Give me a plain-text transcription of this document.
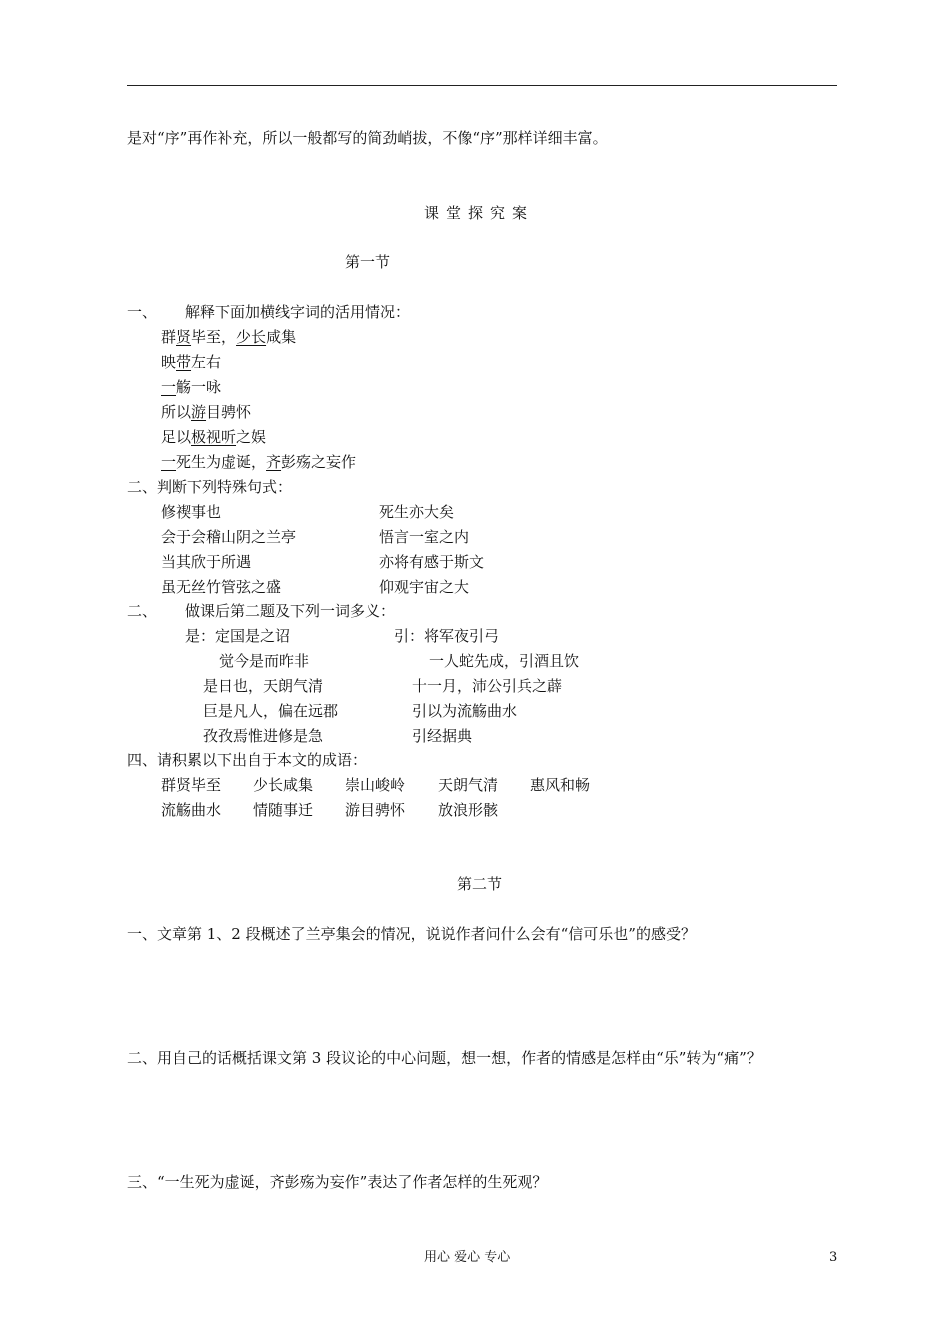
是对“序”再作补充，所以一般都写的简劲峭拔，不像“序”那样详细丰富。
课堂探究案
第一节
一、 解释下面加横线字词的活用情况：
群贤毕至，少长咸集
映带左右
一觞一咏
所以游目骋怀
足以极视听之娱
一死生为虚诞，齐彭殇之妄作
二、判断下列特殊句式：
修禊事也
会于会稽山阴之兰亭
当其欣于所遇
虽无丝竹管弦之盛
死生亦大矣
悟言一室之内
亦将有感于斯文
仰观宇宙之大
二、 做课后第二题及下列一词多义：
是：定国是之诏
觉今是而昨非
是日也，天朗气清
巨是凡人，偏在远郡
孜孜焉惟进修是急
引：将军夜引弓
一人蛇先成，引酒且饮
十一月，沛公引兵之薜
引以为流觞曲水
引经据典
四、请积累以下出自于本文的成语：
群贤毕至 少长咸集 崇山峻岭 天朗气清 惠风和畅
流觞曲水 情随事迁 游目骋怀 放浪形骸
第二节
一、文章第 1、2 段概述了兰亭集会的情况，说说作者问什么会有“信可乐也”的感受？
二、用自己的话概括课文第 3 段议论的中心问题，想一想，作者的情感是怎样由“乐”转为“痛”？
三、“一生死为虚诞，齐彭殇为妄作”表达了作者怎样的生死观？
用心 爱心 专心	3
